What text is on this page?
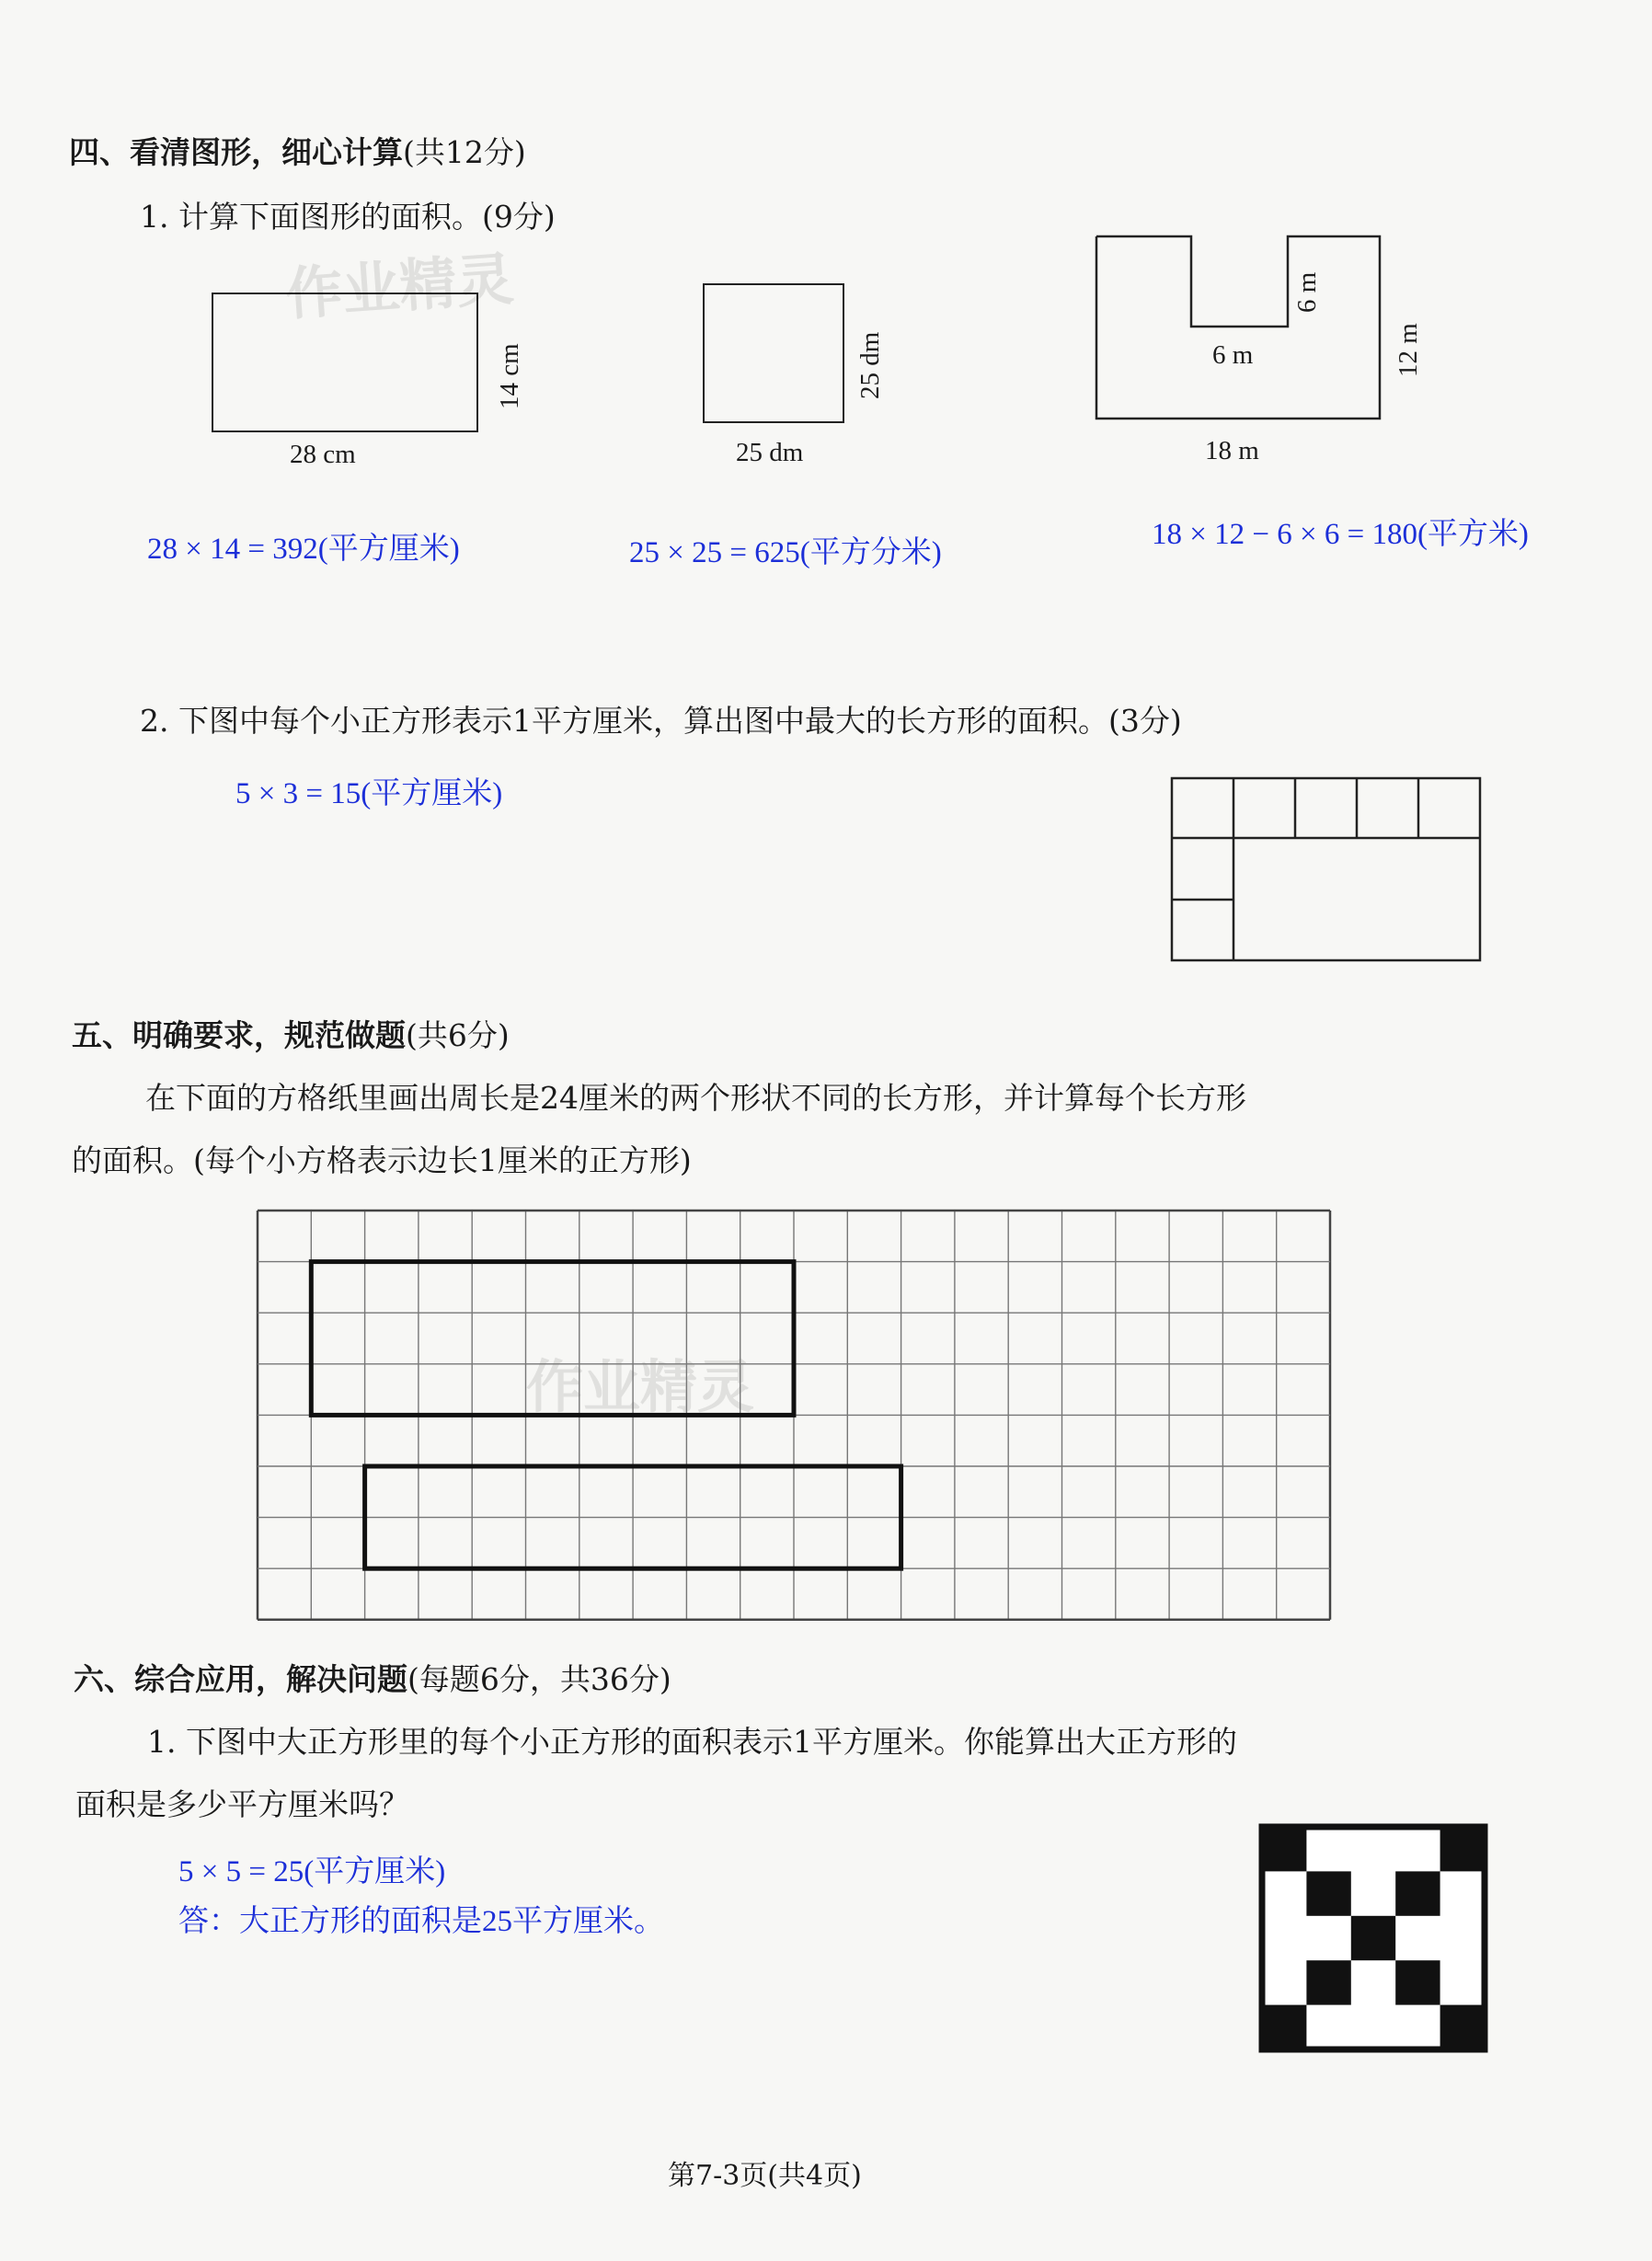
作业精灵
作业精灵
四、看清图形，细心计算(共12分)
1. 计算下面图形的面积。(9分)
28 cm
14 cm
25 dm
25 dm	6 m
6 m
12 m
18 m
28 × 14 = 392(平方厘米)	25 × 25 = 625(平方分米)
18 × 12 − 6 × 6 = 180(平方米)
2. 下图中每个小正方形表示1平方厘米，算出图中最大的长方形的面积。(3分)
5 × 3 = 15(平方厘米)
五、明确要求，规范做题(共6分)
在下面的方格纸里画出周长是24厘米的两个形状不同的长方形，并计算每个长方形
的面积。(每个小方格表示边长1厘米的正方形)
六、综合应用，解决问题(每题6分，共36分)
1. 下图中大正方形里的每个小正方形的面积表示1平方厘米。你能算出大正方形的
面积是多少平方厘米吗？
5 × 5 = 25(平方厘米)
答：大正方形的面积是25平方厘米。
第7-3页(共4页)
